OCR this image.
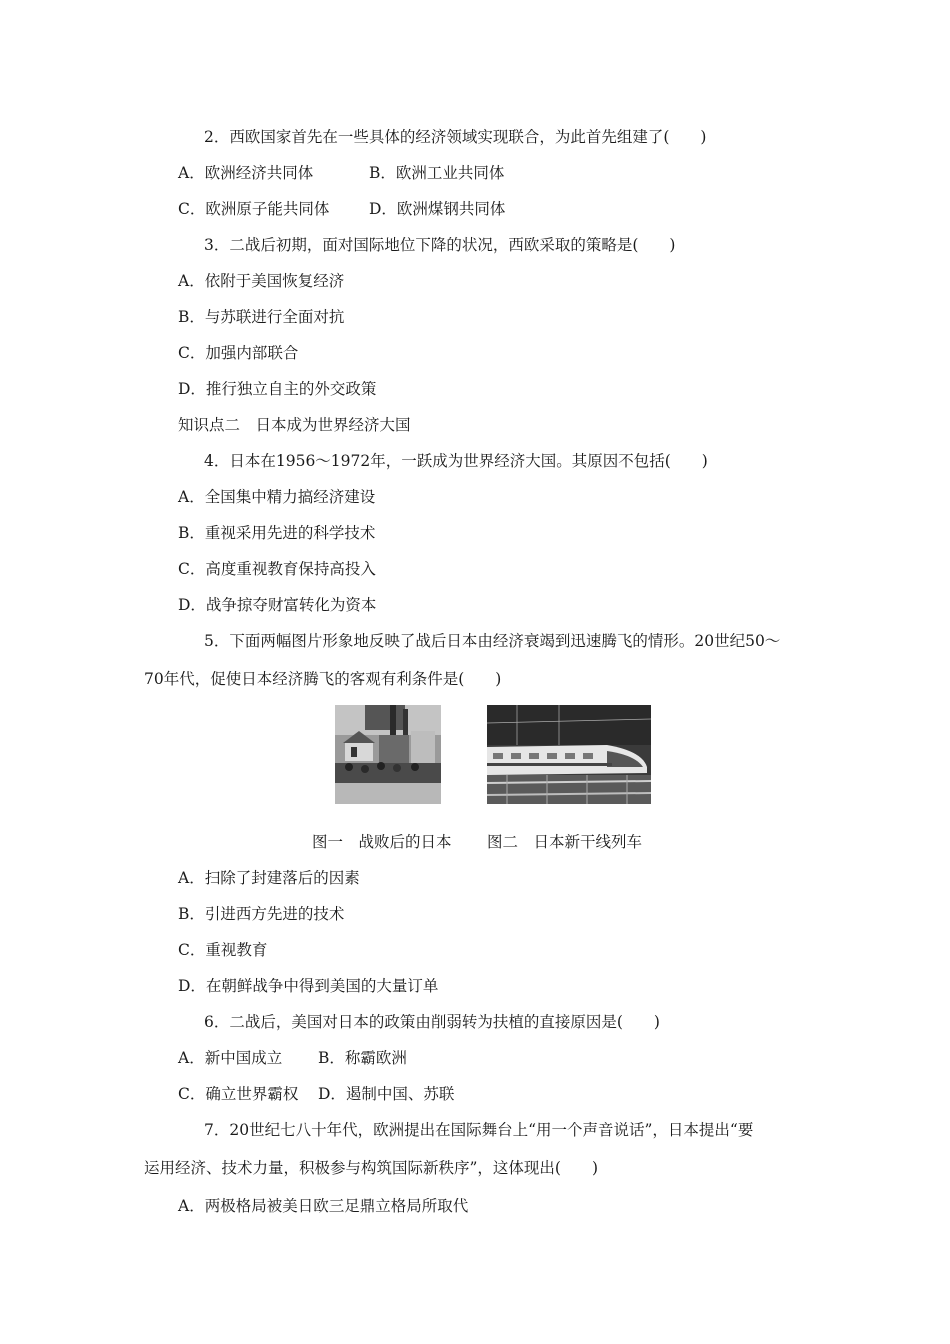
2．西欧国家首先在一些具体的经济领域实现联合，为此首先组建了(　　)
A．欧洲经济共同体	B．欧洲工业共同体
C．欧洲原子能共同体	D．欧洲煤钢共同体
3．二战后初期，面对国际地位下降的状况，西欧采取的策略是(　　)
A．依附于美国恢复经济
B．与苏联进行全面对抗
C．加强内部联合
D．推行独立自主的外交政策
知识点二　日本成为世界经济大国
4．日本在1956～1972年，一跃成为世界经济大国。其原因不包括(　　)
A．全国集中精力搞经济建设
B．重视采用先进的科学技术
C．高度重视教育保持高投入
D．战争掠夺财富转化为资本
5．下面两幅图片形象地反映了战后日本由经济衰竭到迅速腾飞的情形。20世纪50～
70年代，促使日本经济腾飞的客观有利条件是(　　)
图一　战败后的日本 图二　日本新干线列车
A．扫除了封建落后的因素
B．引进西方先进的技术
C．重视教育
D．在朝鲜战争中得到美国的大量订单
6．二战后，美国对日本的政策由削弱转为扶植的直接原因是(　　)
A．新中国成立 B．称霸欧洲
C．确立世界霸权 D．遏制中国、苏联
7．20世纪七八十年代，欧洲提出在国际舞台上“用一个声音说话”，日本提出“要
运用经济、技术力量，积极参与构筑国际新秩序”，这体现出(　　)
A．两极格局被美日欧三足鼎立格局所取代
